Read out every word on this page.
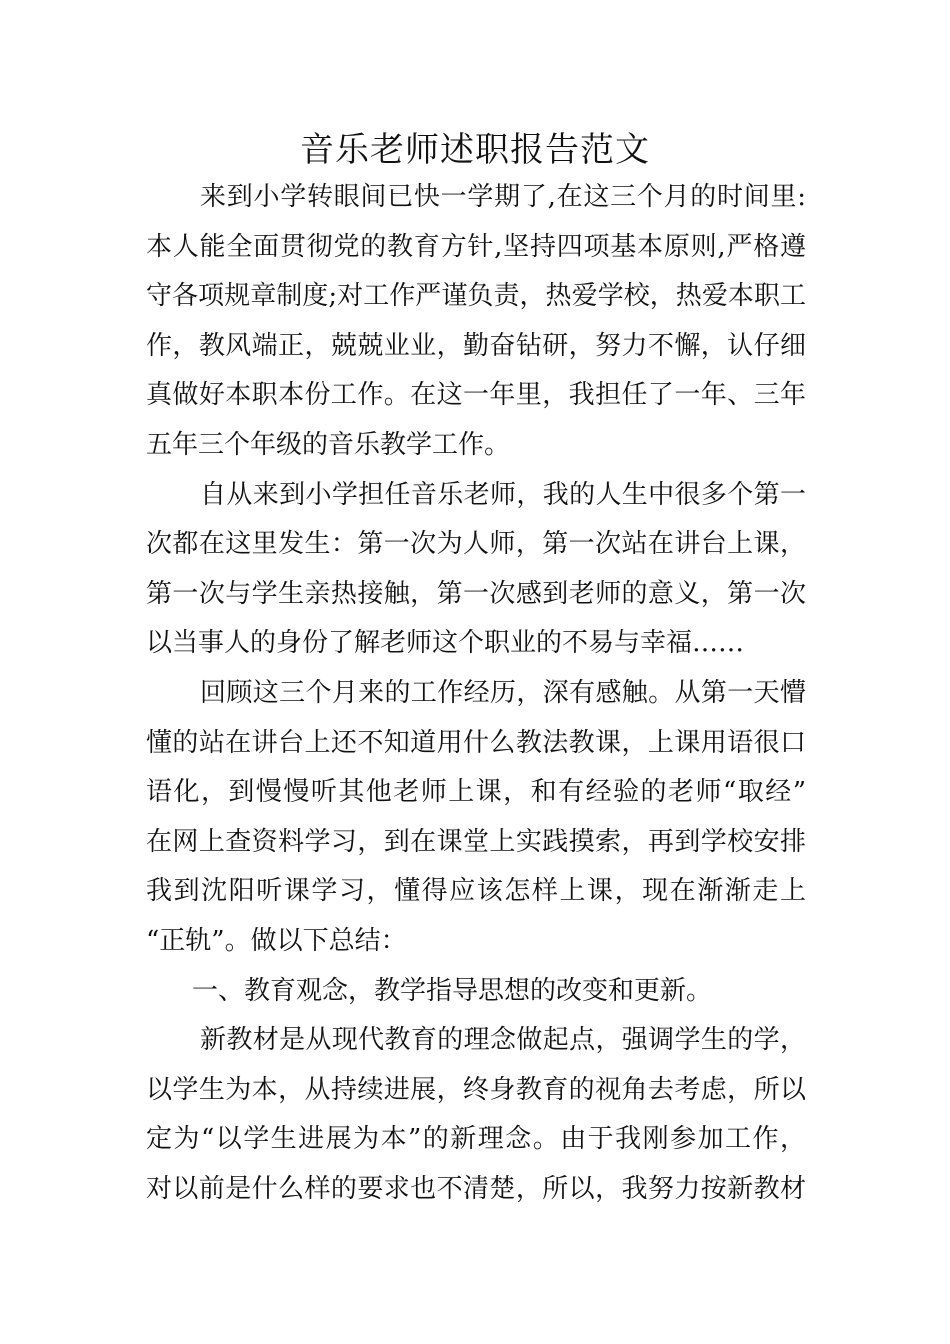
音乐老师述职报告范文
来到小学转眼间已快一学期了,在这三个月的时间里:
本人能全面贯彻党的教育方针,坚持四项基本原则,严格遵
守各项规章制度;对工作严谨负责，热爱学校，热爱本职工
作，教风端正，兢兢业业，勤奋钻研，努力不懈，认仔细
真做好本职本份工作。在这一年里，我担任了一年、三年
五年三个年级的音乐教学工作。
自从来到小学担任音乐老师，我的人生中很多个第一
次都在这里发生：第一次为人师，第一次站在讲台上课，
第一次与学生亲热接触，第一次感到老师的意义，第一次
以当事人的身份了解老师这个职业的不易与幸福……
回顾这三个月来的工作经历，深有感触。从第一天懵
懂的站在讲台上还不知道用什么教法教课，上课用语很口
语化，到慢慢听其他老师上课，和有经验的老师“取经”
在网上查资料学习，到在课堂上实践摸索，再到学校安排
我到沈阳听课学习，懂得应该怎样上课，现在渐渐走上
“正轨”。做以下总结：
一、教育观念，教学指导思想的改变和更新。
新教材是从现代教育的理念做起点，强调学生的学，
以学生为本，从持续进展，终身教育的视角去考虑，所以
定为“以学生进展为本”的新理念。由于我刚参加工作，
对以前是什么样的要求也不清楚，所以，我努力按新教材
